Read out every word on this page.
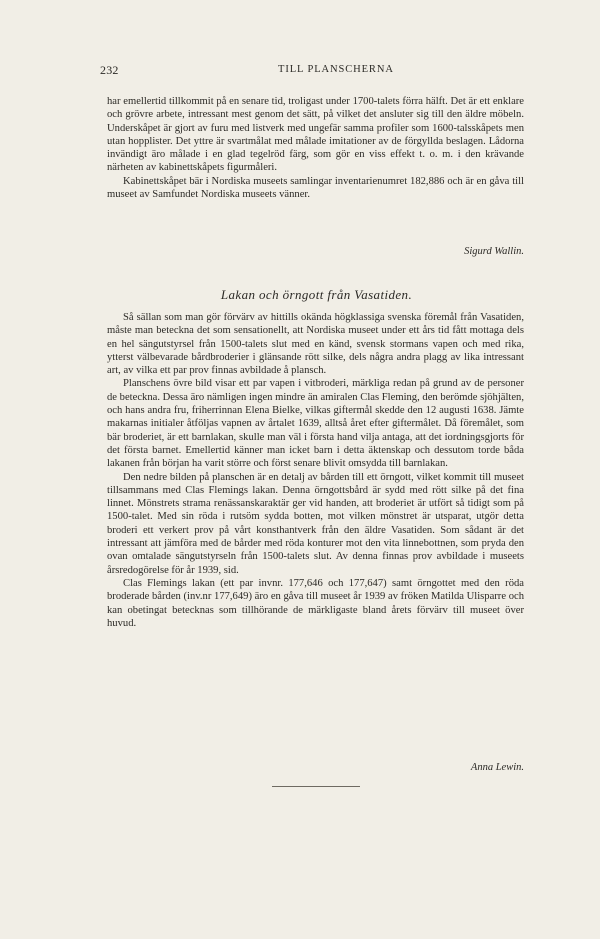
232	TILL PLANSCHERNA

har emellertid tillkommit på en senare tid, troligast under 1700-talets förra hälft. Det är ett enklare och grövre arbete, intressant mest genom det sätt, på vilket det ansluter sig till den äldre möbeln. Underskåpet är gjort av furu med listverk med ungefär samma profiler som 1600-talsskåpets men utan hopplister. Det yttre är svartmålat med målade imitationer av de förgyllda beslagen. Lådorna invändigt äro målade i en glad tegelröd färg, som gör en viss effekt t. o. m. i den krävande närheten av kabinettskåpets figurmåleri.

Kabinettskåpet bär i Nordiska museets samlingar inventarienumret 182,886 och är en gåva till museet av Samfundet Nordiska museets vänner.

Sigurd Wallin.
Lakan och örngott från Vasatiden.

Så sällan som man gör förvärv av hittills okända högklassiga svenska föremål från Vasatiden, måste man beteckna det som sensationellt, att Nordiska museet under ett års tid fått mottaga dels en hel sängutstyrsel från 1500-talets slut med en känd, svensk stormans vapen och med rika, ytterst välbevarade bårdbroderier i glänsande rött silke, dels några andra plagg av lika intressant art, av vilka ett par prov finnas avbildade å plansch.

Planschens övre bild visar ett par vapen i vitbroderi, märkliga redan på grund av de personer de beteckna. Dessa äro nämligen ingen mindre än amiralen Clas Fleming, den berömde sjöhjälten, och hans andra fru, friherrinnan Elena Bielke, vilkas giftermål skedde den 12 augusti 1638. Jämte makarnas initialer åtföljas vapnen av årtalet 1639, alltså året efter giftermålet. Då föremålet, som bär broderiet, är ett barnlakan, skulle man väl i första hand vilja antaga, att det iordningsgjorts för det första barnet. Emellertid känner man icket barn i detta äktenskap och dessutom torde båda lakanen från början ha varit större och först senare blivit omsydda till barnlakan.

Den nedre bilden på planschen är en detalj av bården till ett örngott, vilket kommit till museet tillsammans med Clas Flemings lakan. Denna örngottsbård är sydd med rött silke på det fina linnet. Mönstrets strama renässanskaraktär ger vid handen, att broderiet är utfört så tidigt som på 1500-talet. Med sin röda i rutsöm sydda botten, mot vilken mönstret är utsparat, utgör detta broderi ett verkert prov på vårt konsthantverk från den äldre Vasatiden. Som sådant är det intressant att jämföra med de bårder med röda konturer mot den vita linnebottnen, som pryda den ovan omtalade sängutstyrseln från 1500-talets slut. Av denna finnas prov avbildade i museets årsredogörelse för år 1939, sid.

Clas Flemings lakan (ett par invnr. 177,646 och 177,647) samt örngottet med den röda broderade bården (inv.nr 177,649) äro en gåva till museet år 1939 av fröken Matilda Ulisparre och kan obetingat betecknas som tillhörande de märkligaste bland årets förvärv till museet över huvud.

Anna Lewin.
